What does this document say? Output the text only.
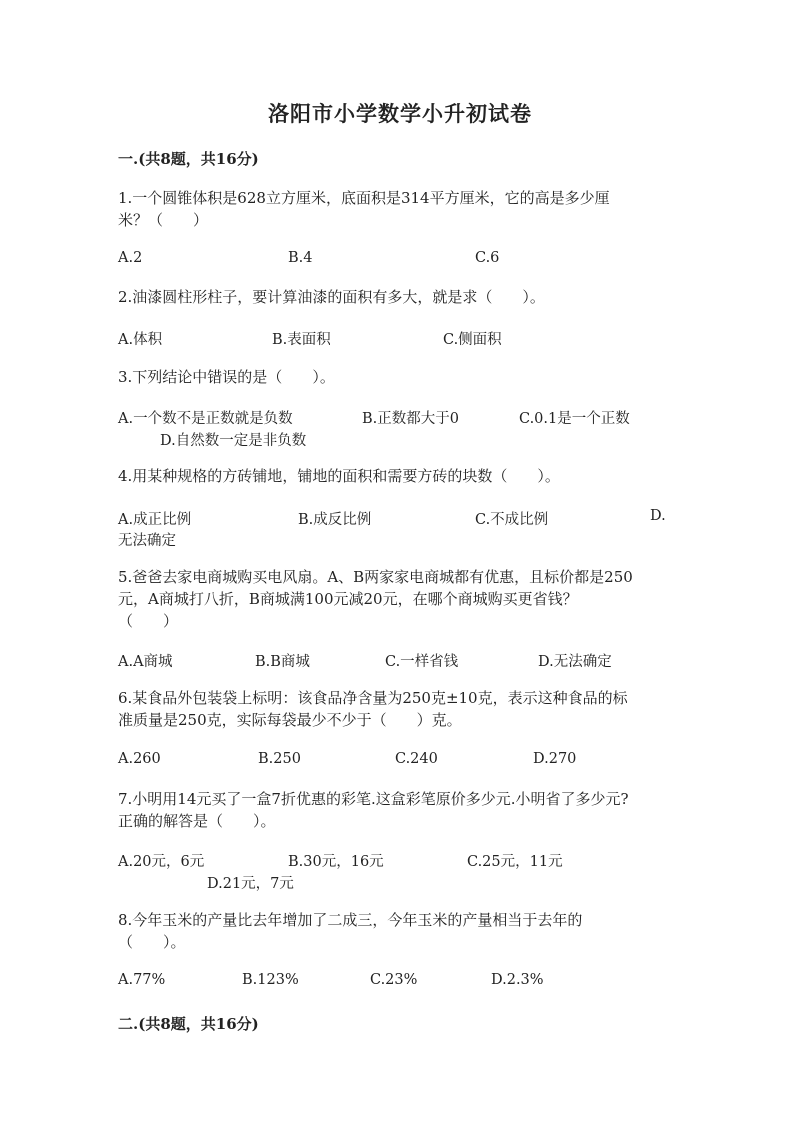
洛阳市小学数学小升初试卷
一.(共8题，共16分)
1.一个圆锥体积是628立方厘米，底面积是314平方厘米，它的高是多少厘
米？（　　）
A.2	B.4	C.6
2.油漆圆柱形柱子，要计算油漆的面积有多大，就是求（　　）。
A.体积	B.表面积	C.侧面积
3.下列结论中错误的是（　　）。
A.一个数不是正数就是负数	B.正数都大于0	C.0.1是一个正数
D.自然数一定是非负数
4.用某种规格的方砖铺地，铺地的面积和需要方砖的块数（　　）。
A.成正比例	B.成反比例	C.不成比例	D.
无法确定
5.爸爸去家电商城购买电风扇。A、B两家家电商城都有优惠，且标价都是250
元，A商城打八折，B商城满100元减20元，在哪个商城购买更省钱？
（　　）
A.A商城	B.B商城	C.一样省钱	D.无法确定
6.某食品外包装袋上标明：该食品净含量为250克±10克，表示这种食品的标
准质量是250克，实际每袋最少不少于（　　）克。
A.260	B.250	C.240	D.270
7.小明用14元买了一盒7折优惠的彩笔.这盒彩笔原价多少元.小明省了多少元?
正确的解答是（　　）。
A.20元，6元	B.30元，16元	C.25元，11元
D.21元，7元
8.今年玉米的产量比去年增加了二成三，今年玉米的产量相当于去年的
（　　）。
A.77%	B.123%	C.23%	D.2.3%
二.(共8题，共16分)
